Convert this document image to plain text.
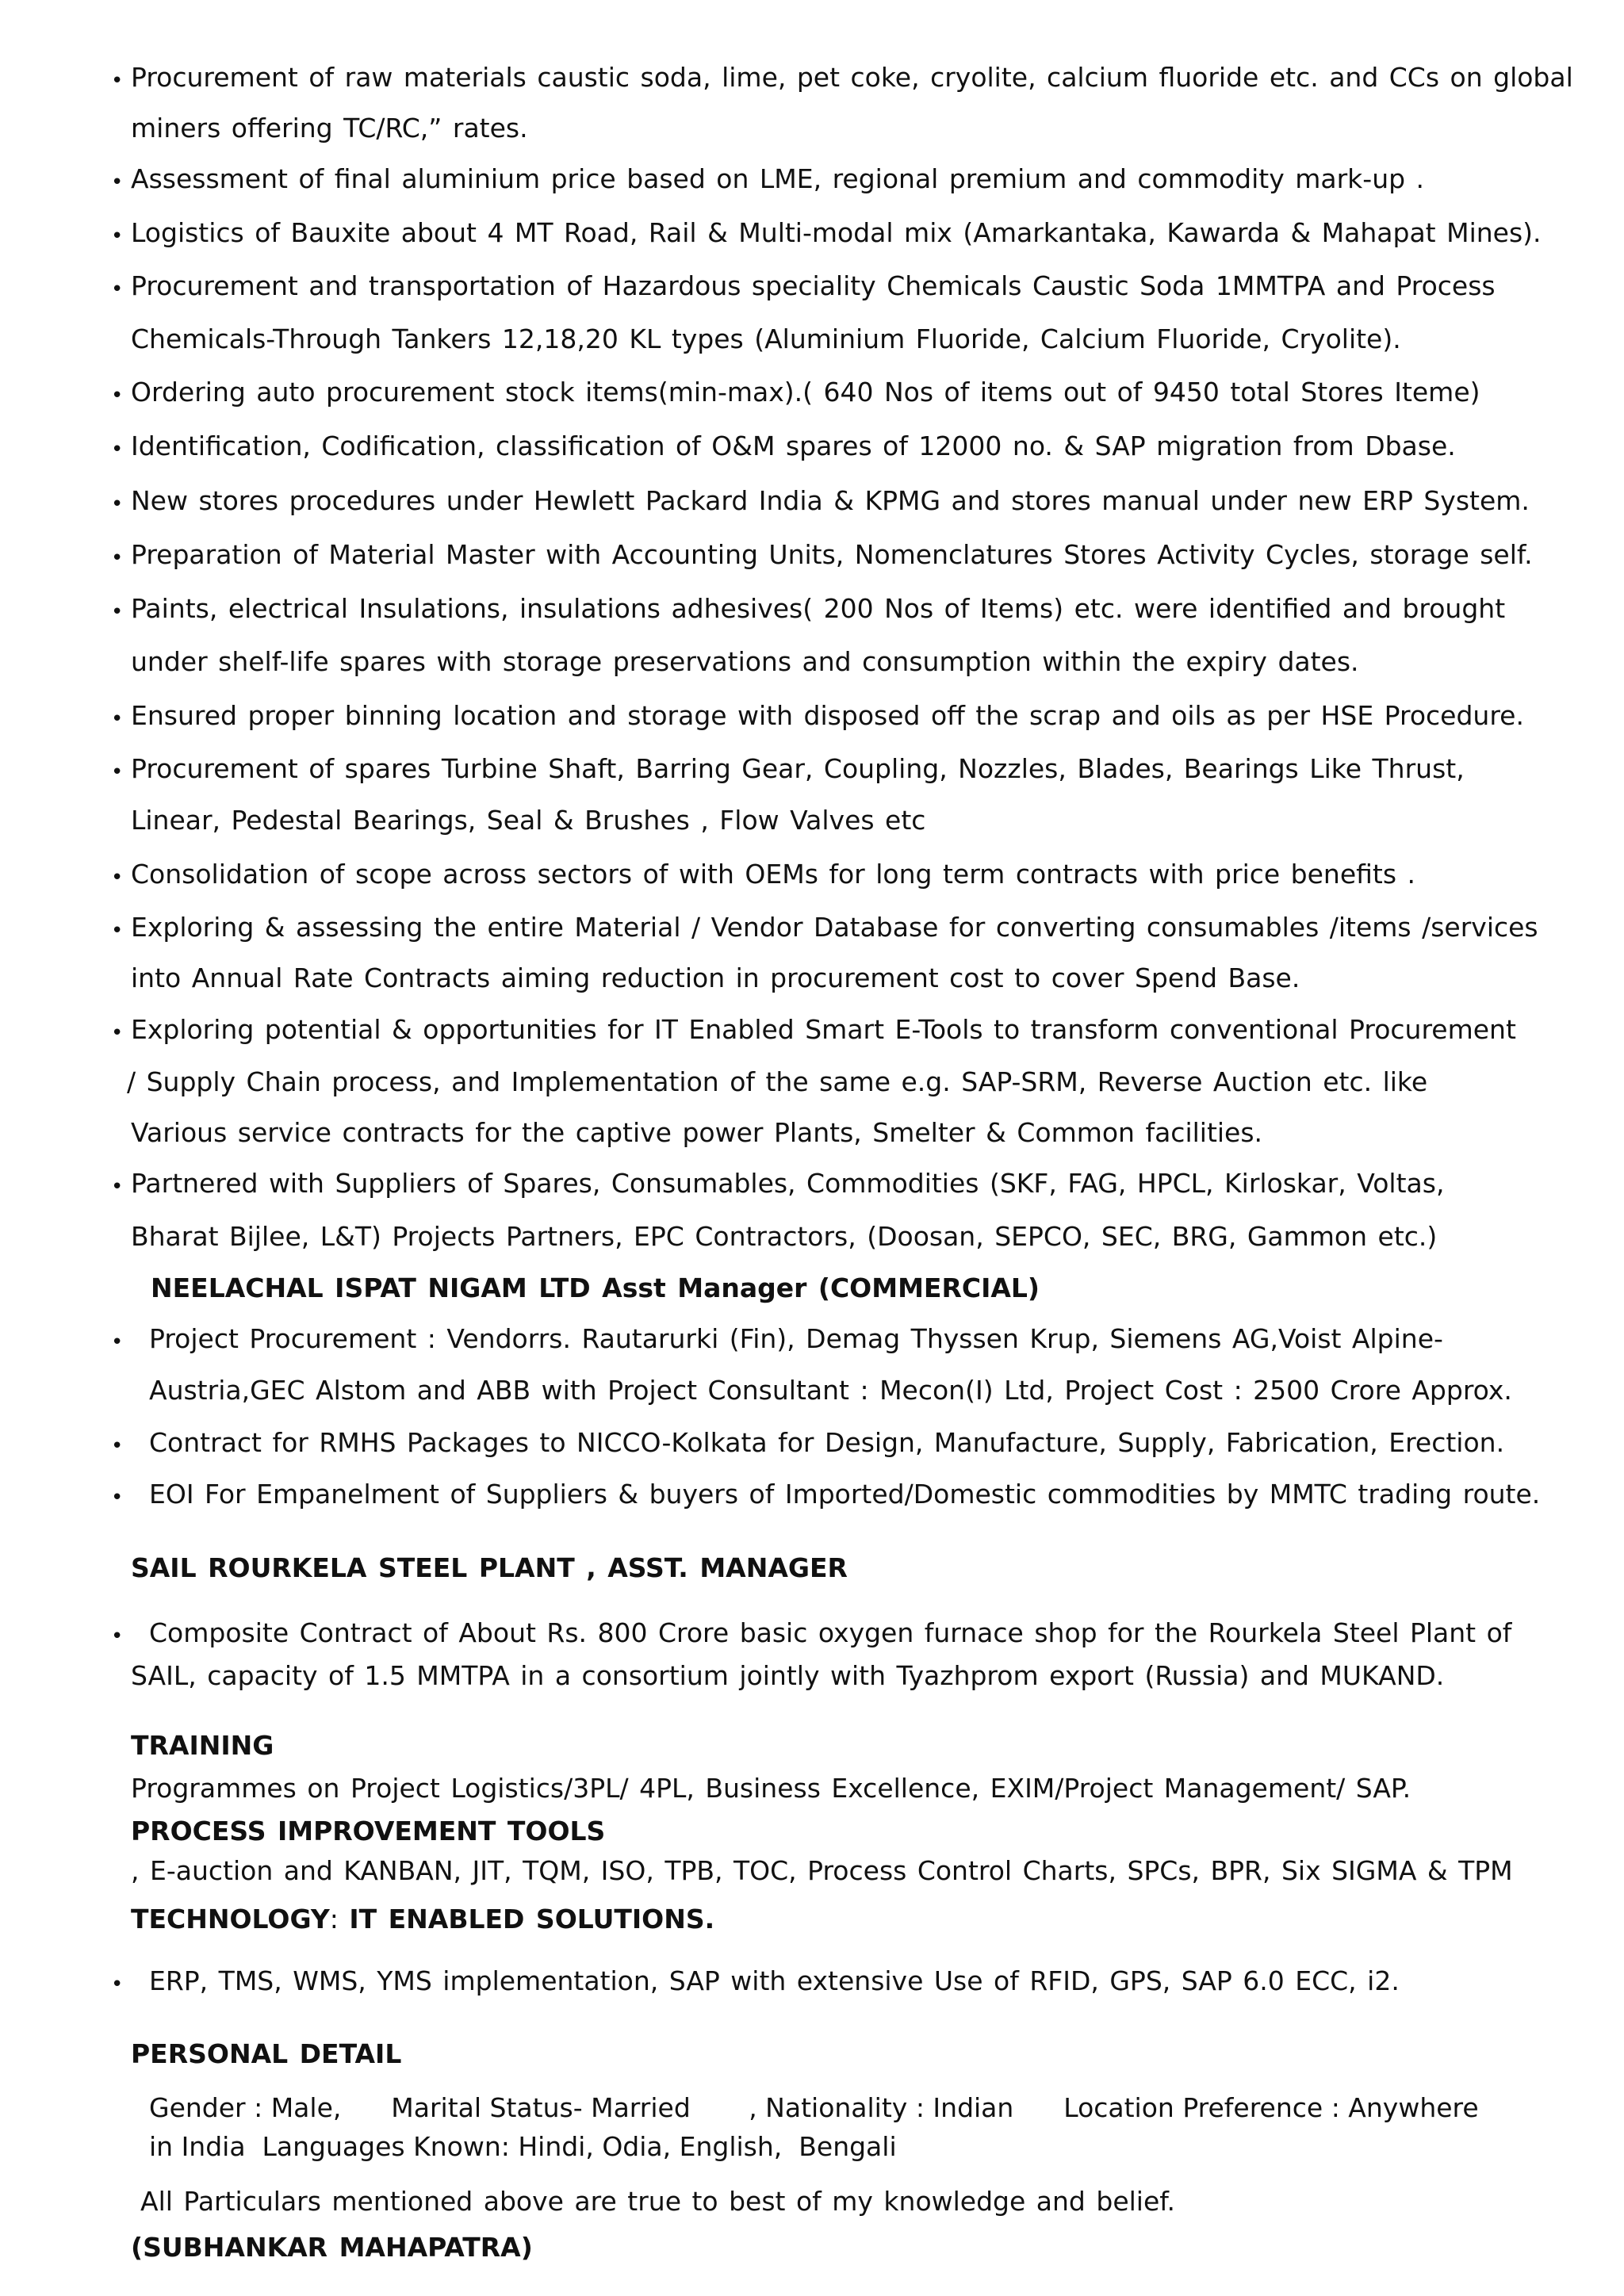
•
•
•
•
•
•
•
•
•
•
•
•
•
•
•
•
•
•
•
•
Procurement of raw materials caustic soda, lime, pet coke, cryolite, calcium fluoride etc. and CCs on global
miners offering TC/RC,” rates.
Assessment of final aluminium price based on LME, regional premium and commodity mark-up .
Logistics of Bauxite about 4 MT Road, Rail & Multi-modal mix (Amarkantaka, Kawarda & Mahapat Mines).
Procurement and transportation of Hazardous speciality Chemicals Caustic Soda 1MMTPA and Process
Chemicals-Through Tankers 12,18,20 KL types (Aluminium Fluoride, Calcium Fluoride, Cryolite).
Ordering auto procurement stock items(min-max).( 640 Nos of items out of 9450 total Stores Iteme)
Identification, Codification, classification of O&M spares of 12000 no. & SAP migration from Dbase.
New stores procedures under Hewlett Packard India & KPMG and stores manual under new ERP System.
Preparation of Material Master with Accounting Units, Nomenclatures Stores Activity Cycles, storage self.
Paints, electrical Insulations, insulations adhesives( 200 Nos of Items) etc. were identified and brought
under shelf-life spares with storage preservations and consumption within the expiry dates.
Ensured proper binning location and storage with disposed off the scrap and oils as per HSE Procedure.
Procurement of spares Turbine Shaft, Barring Gear, Coupling, Nozzles, Blades, Bearings Like Thrust,
Linear, Pedestal Bearings, Seal & Brushes , Flow Valves etc
Consolidation of scope across sectors of with OEMs for long term contracts with price benefits .
Exploring & assessing the entire Material / Vendor Database for converting consumables /items /services
into Annual Rate Contracts aiming reduction in procurement cost to cover Spend Base.
Exploring potential & opportunities for IT Enabled Smart E-Tools to transform conventional Procurement
/ Supply Chain process, and Implementation of the same e.g. SAP-SRM, Reverse Auction etc. like
Various service contracts for the captive power Plants, Smelter & Common facilities.
Partnered with Suppliers of Spares, Consumables, Commodities (SKF, FAG, HPCL, Kirloskar, Voltas,
Bharat Bijlee, L&T) Projects Partners, EPC Contractors, (Doosan, SEPCO, SEC, BRG, Gammon etc.)
NEELACHAL ISPAT NIGAM LTD Asst Manager (COMMERCIAL)
Project Procurement : Vendorrs. Rautarurki (Fin), Demag Thyssen Krup, Siemens AG,Voist Alpine-
Austria,GEC Alstom and ABB with Project Consultant : Mecon(I) Ltd, Project Cost : 2500 Crore Approx.
Contract for RMHS Packages to NICCO-Kolkata for Design, Manufacture, Supply, Fabrication, Erection.
EOI For Empanelment of Suppliers & buyers of Imported/Domestic commodities by MMTC trading route.
SAIL ROURKELA STEEL PLANT , ASST. MANAGER
Composite Contract of About Rs. 800 Crore basic oxygen furnace shop for the Rourkela Steel Plant of
SAIL, capacity of 1.5 MMTPA in a consortium jointly with Tyazhprom export (Russia) and MUKAND.
TRAINING
Programmes on Project Logistics/3PL/ 4PL, Business Excellence, EXIM/Project Management/ SAP.
PROCESS IMPROVEMENT TOOLS
, E-auction and KANBAN, JIT, TQM, ISO, TPB, TOC, Process Control Charts, SPCs, BPR, Six SIGMA & TPM
TECHNOLOGY: IT ENABLED SOLUTIONS.
ERP, TMS, WMS, YMS implementation, SAP with extensive Use of RFID, GPS, SAP 6.0 ECC, i2.
PERSONAL DETAIL
Gender : Male,      Marital Status- Married       , Nationality : Indian      Location Preference : Anywhere
in India  Languages Known: Hindi, Odia, English,  Bengali
All Particulars mentioned above are true to best of my knowledge and belief.
(SUBHANKAR MAHAPATRA)
